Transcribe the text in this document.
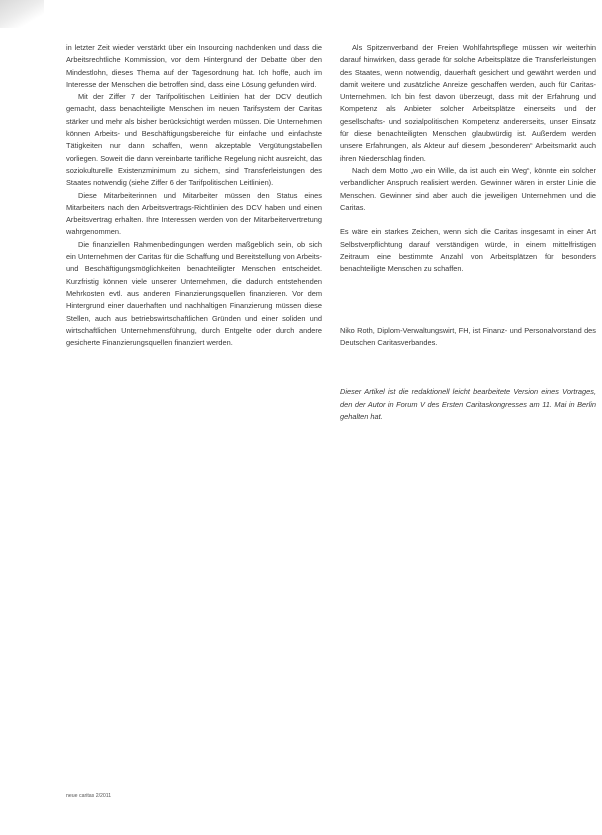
in letzter Zeit wieder verstärkt über ein Insourcing nachdenken und dass die Arbeitsrechtliche Kommission, vor dem Hintergrund der Debatte über den Mindestlohn, dieses Thema auf der Tagesordnung hat. Ich hoffe, auch im Interesse der Menschen die betroffen sind, dass eine Lösung gefunden wird.

Mit der Ziffer 7 der Tarifpolitischen Leitlinien hat der DCV deutlich gemacht, dass benachteiligte Menschen im neuen Tarifsystem der Caritas stärker und mehr als bisher berücksichtigt werden müssen. Die Unternehmen können Arbeits- und Beschäftigungsbereiche für einfache und einfachste Tätigkeiten nur dann schaffen, wenn akzeptable Vergütungstabellen vorliegen. Soweit die dann vereinbarte tarifliche Regelung nicht ausreicht, das soziokulturelle Existenzminimum zu sichern, sind Transferleistungen des Staates notwendig (siehe Ziffer 6 der Tarifpolitischen Leitlinien).

Diese Mitarbeiterinnen und Mitarbeiter müssen den Status eines Mitarbeiters nach den Arbeitsvertrags-Richtlinien des DCV haben und einen Arbeitsvertrag erhalten. Ihre Interessen werden von der Mitarbeitervertretung wahrgenommen.

Die finanziellen Rahmenbedingungen werden maßgeblich sein, ob sich ein Unternehmen der Caritas für die Schaffung und Bereitstellung von Arbeits- und Beschäftigungsmöglichkeiten benachteiligter Menschen entscheidet. Kurzfristig können viele unserer Unternehmen, die dadurch entstehenden Mehrkosten evtl. aus anderen Finanzierungsquellen finanzieren. Vor dem Hintergrund einer dauerhaften und nachhaltigen Finanzierung müssen diese Stellen, auch aus betriebswirtschaftlichen Gründen und einer soliden und wirtschaftlichen Unternehmensführung, durch Entgelte oder durch andere gesicherte Finanzierungsquellen finanziert werden.

Als Spitzenverband der Freien Wohlfahrtspflege müssen wir weiterhin darauf hinwirken, dass gerade für solche Arbeitsplätze die Transferleistungen des Staates, wenn notwendig, dauerhaft gesichert und gewährt werden und damit weitere und zusätzliche Anreize geschaffen werden, auch für Caritas-Unternehmen. Ich bin fest davon überzeugt, dass mit der Erfahrung und Kompetenz als Anbieter solcher Arbeitsplätze einerseits und der gesellschafts- und sozialpolitischen Kompetenz andererseits, unser Einsatz für diese benachteiligten Menschen glaubwürdig ist. Außerdem werden unsere Erfahrungen, als Akteur auf diesem „besonderen“ Arbeitsmarkt auch ihren Niederschlag finden.

Nach dem Motto „wo ein Wille, da ist auch ein Weg“, könnte ein solcher verbandlicher Anspruch realisiert werden. Gewinner wären in erster Linie die Menschen. Gewinner sind aber auch die jeweiligen Unternehmen und die Caritas.

Es wäre ein starkes Zeichen, wenn sich die Caritas insgesamt in einer Art Selbstverpflichtung darauf verständigen würde, in einem mittelfristigen Zeitraum eine bestimmte Anzahl von Arbeitsplätzen für besonders benachteiligte Menschen zu schaffen.

Niko Roth, Diplom-Verwaltungswirt, FH, ist Finanz- und Personalvorstand des Deutschen Caritasverbandes.

Dieser Artikel ist die redaktionell leicht bearbeitete Version eines Vortrages, den der Autor in Forum V des Ersten Caritaskongresses am 11. Mai in Berlin gehalten hat.

neue caritas 2/2011
